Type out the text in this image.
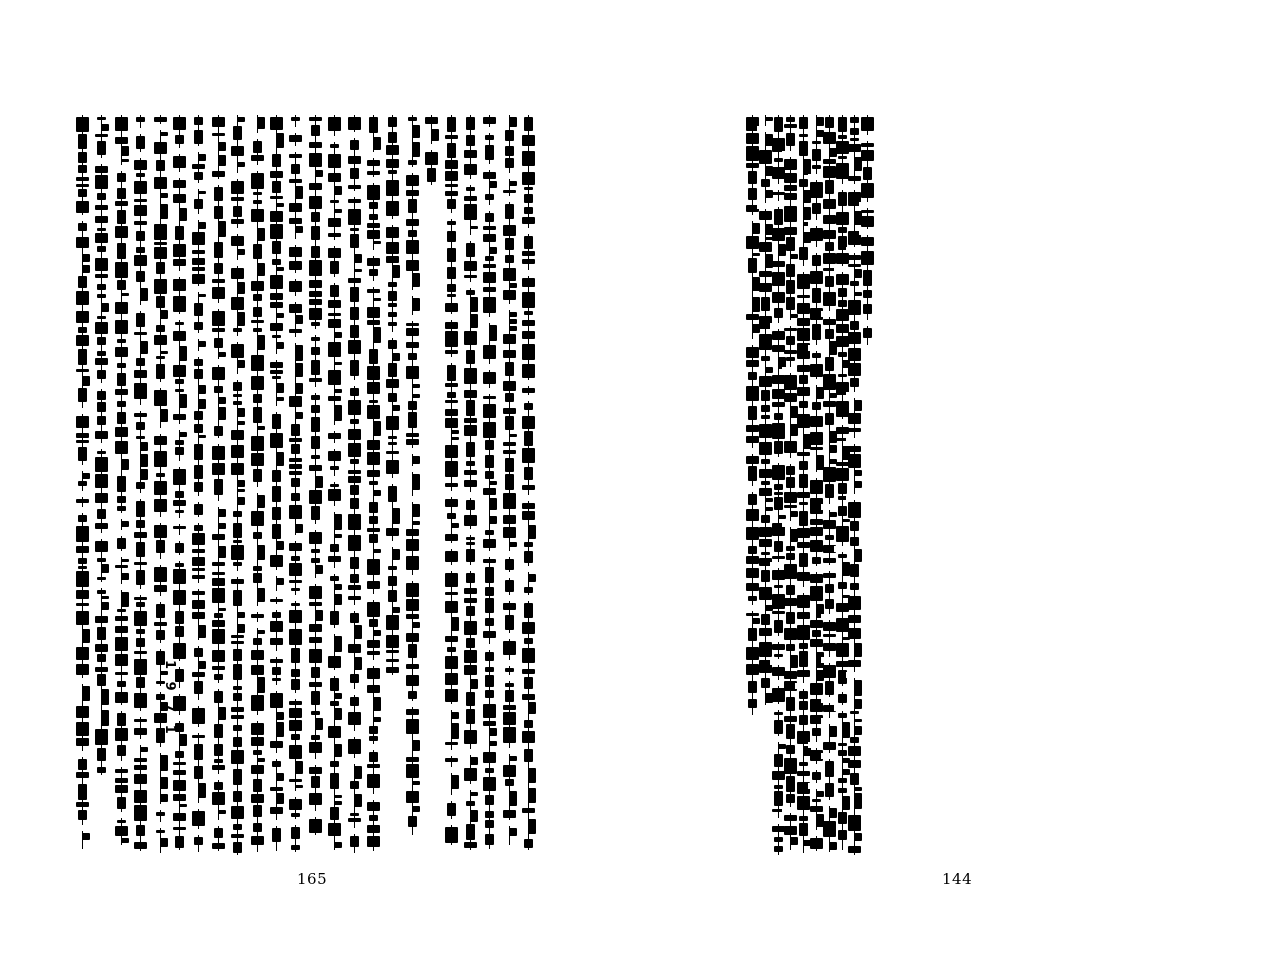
1 9 7 1
165	144
